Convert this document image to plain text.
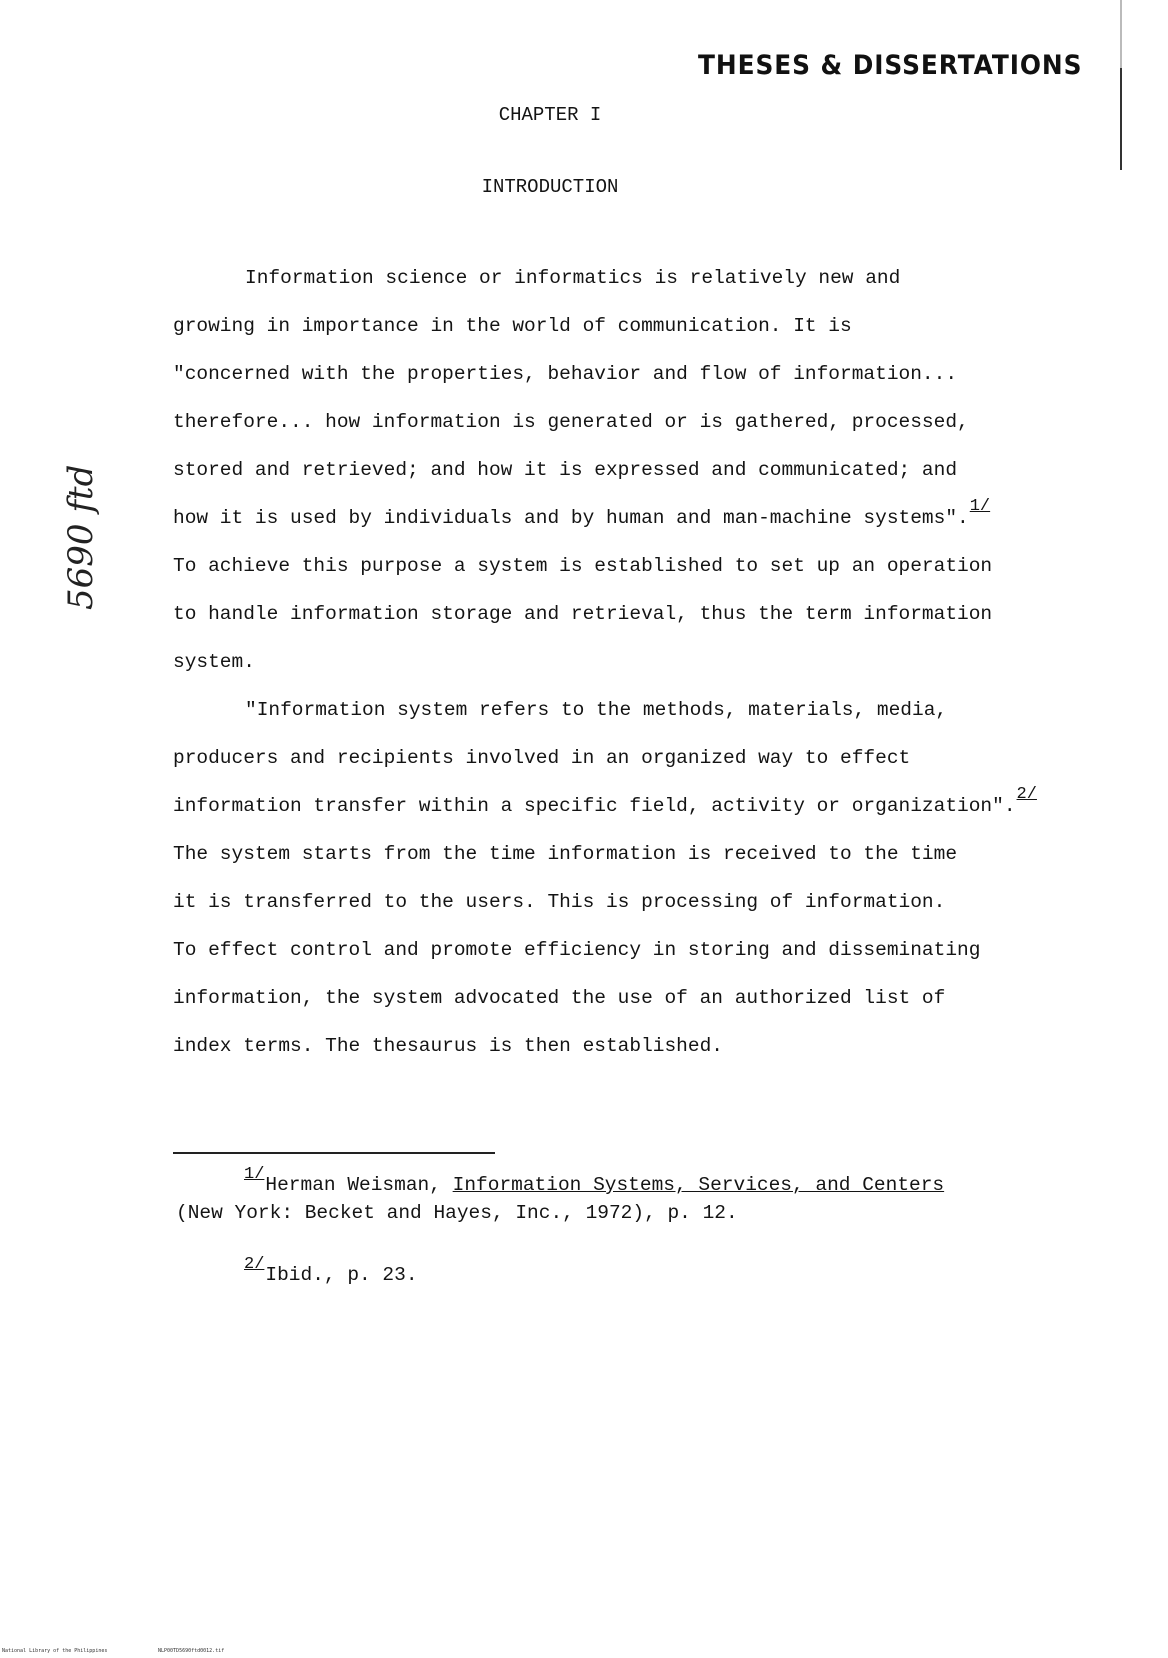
THESES & DISSERTATIONS
CHAPTER I
INTRODUCTION
5690 ftd
Information science or informatics is relatively new and
growing in importance in the world of communication. It is
"concerned with the properties, behavior and flow of information...
therefore... how information is generated or is gathered, processed,
stored and retrieved; and how it is expressed and communicated; and
how it is used by individuals and by human and man-machine systems".1/
To achieve this purpose a system is established to set up an operation
to handle information storage and retrieval, thus the term information
system.
"Information system refers to the methods, materials, media,
producers and recipients involved in an organized way to effect
information transfer within a specific field, activity or organization".2/
The system starts from the time information is received to the time
it is transferred to the users. This is processing of information.
To effect control and promote efficiency in storing and disseminating
information, the system advocated the use of an authorized list of
index terms. The thesaurus is then established.
1/Herman Weisman, Information Systems, Services, and Centers
(New York: Becket and Hayes, Inc., 1972), p. 12.
2/Ibid., p. 23.
National Library of the Philippines	NLP00TD5690ftd0012.tif
